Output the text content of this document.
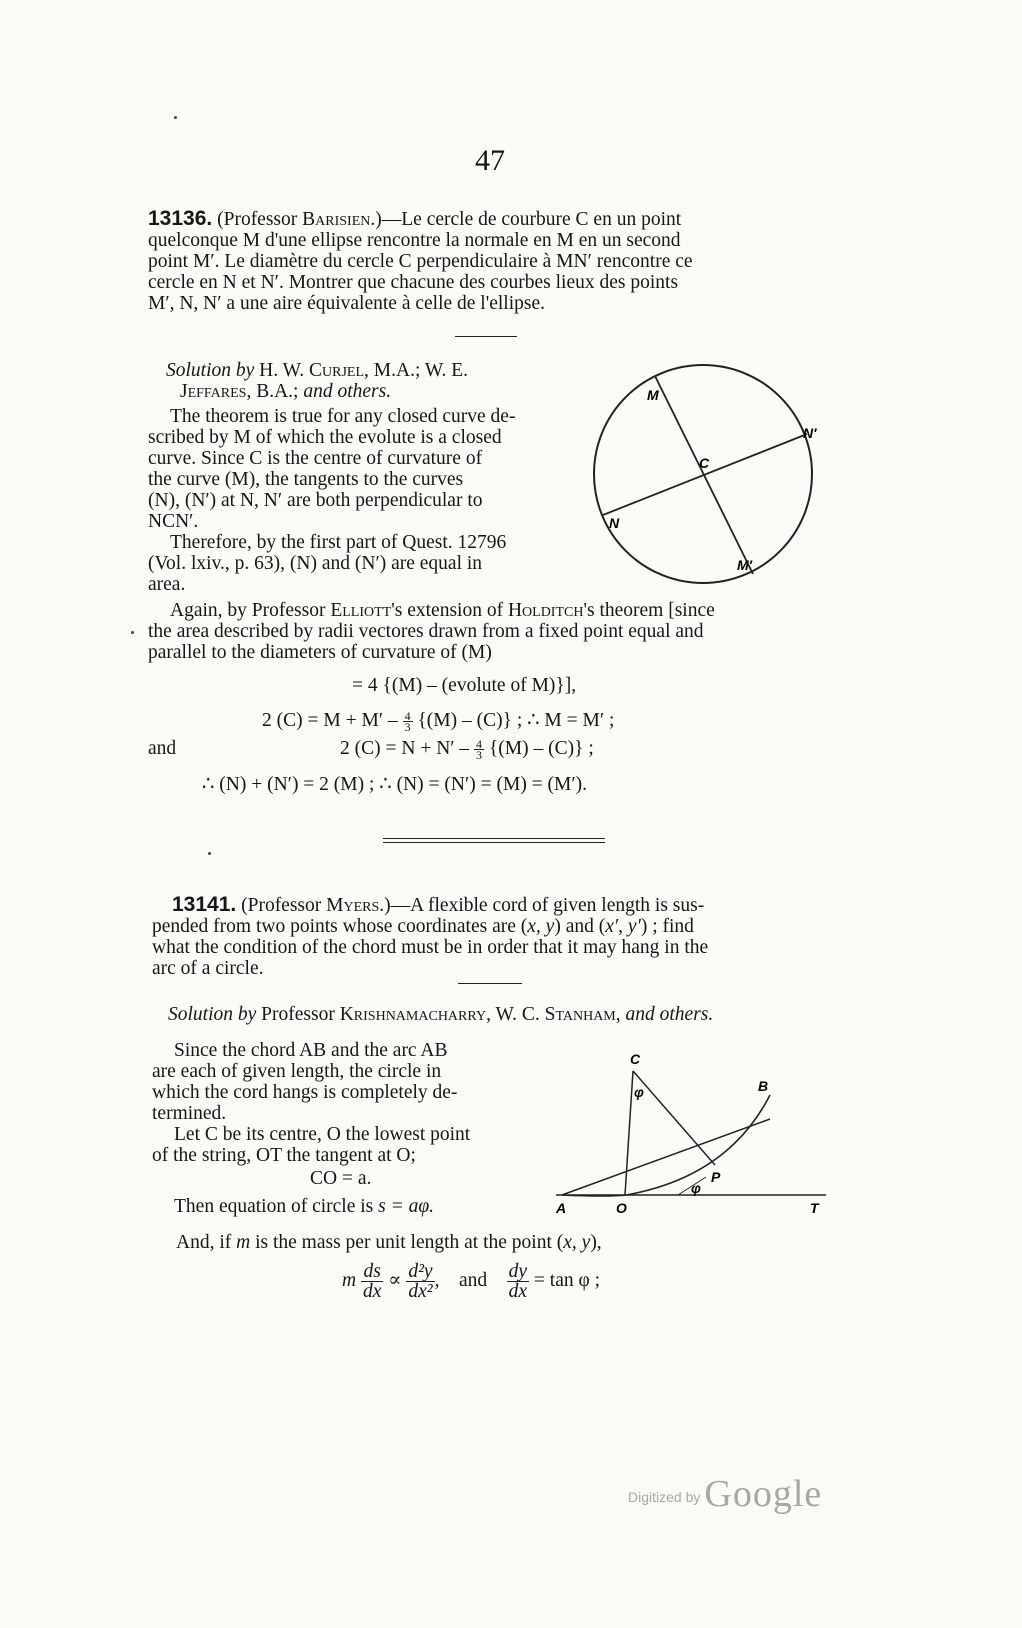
47
13136. (Professor Barisien.)—Le cercle de courbure C en un point
quelconque M d'une ellipse rencontre la normale en M en un second
point M′. Le diamètre du cercle C perpendiculaire à MN′ rencontre ce
cercle en N et N′. Montrer que chacune des courbes lieux des points
M′, N, N′ a une aire équivalente à celle de l'ellipse.
Solution by H. W. Curjel, M.A.; W. E.
Jeffares, B.A.; and others.
The theorem is true for any closed curve de-
scribed by M of which the evolute is a closed
curve. Since C is the centre of curvature of
the curve (M), the tangents to the curves
(N), (N′) at N, N′ are both perpendicular to
NCN′.
Therefore, by the first part of Quest. 12796
(Vol. lxiv., p. 63), (N) and (N′) are equal in
area.
M
N′
C
N
M′
Again, by Professor Elliott's extension of Holditch's theorem [since
the area described by radii vectores drawn from a fixed point equal and
parallel to the diameters of curvature of (M)
= 4 {(M) – (evolute of M)}],
2 $(C) = M + M' - \frac{4}{3} \{(M) - (C)\}$ ; ∴ M = M′ ;
and	2 $(C) = N + N' - \frac{4}{3} \{(M) - (C)\}$ ;
∴ (N) + (N′) = 2 (M) ; ∴ (N) = (N′) = (M) = (M′).
13141. (Professor Myers.)—A flexible cord of given length is sus-
pended from two points whose coordinates are (x, y) and (x′, y′) ; find
what the condition of the chord must be in order that it may hang in the
arc of a circle.
Solution by Professor Krishnamacharry, W. C. Stanham, and others.
Since the chord AB and the arc AB
are each of given length, the circle in
which the cord hangs is completely de-
termined.
Let C be its centre, O the lowest point
of the string, OT the tangent at O;
CO = a.
Then equation of circle is s = aφ.
C
B
φ
P
φ
A	O	T
And, if m is the mass per unit length at the point (x, y),
m $\frac{ds}{dx} \propto \frac{\text{d²y}}{\text{dx²}}$ , and $\frac{dy}{dx} = \tan \varphi$ ;
Digitized by Google
